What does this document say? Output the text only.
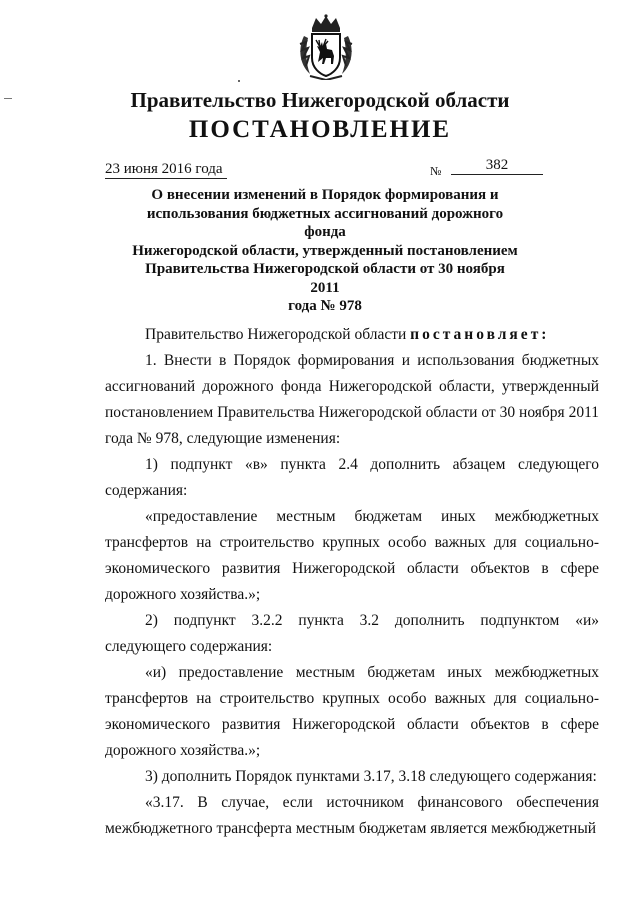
Правительство Нижегородской области
ПОСТАНОВЛЕНИЕ
23 июня 2016 года	№	382
О внесении изменений в Порядок формирования и
использования бюджетных ассигнований дорожного фонда
Нижегородской области, утвержденный постановлением
Правительства Нижегородской области от 30 ноября 2011
года № 978

Правительство Нижегородской области постановляет:

1. Внести в Порядок формирования и использования бюджетных ассигнований дорожного фонда Нижегородской области, утвержденный постановлением Правительства Нижегородской области от 30 ноября 2011 года № 978, следующие изменения:

1) подпункт «в» пункта 2.4 дополнить абзацем следующего содержания:

«предоставление местным бюджетам иных межбюджетных трансфертов на строительство крупных особо важных для социально-экономического развития Нижегородской области объектов в сфере дорожного хозяйства.»;

2) подпункт 3.2.2 пункта 3.2 дополнить подпунктом «и» следующего содержания:

«и) предоставление местным бюджетам иных межбюджетных трансфертов на строительство крупных особо важных для социально-экономического развития Нижегородской области объектов в сфере дорожного хозяйства.»;

3) дополнить Порядок пунктами 3.17, 3.18 следующего содержания:

«3.17. В случае, если источником финансового обеспечения межбюджетного трансферта местным бюджетам является межбюджетный
